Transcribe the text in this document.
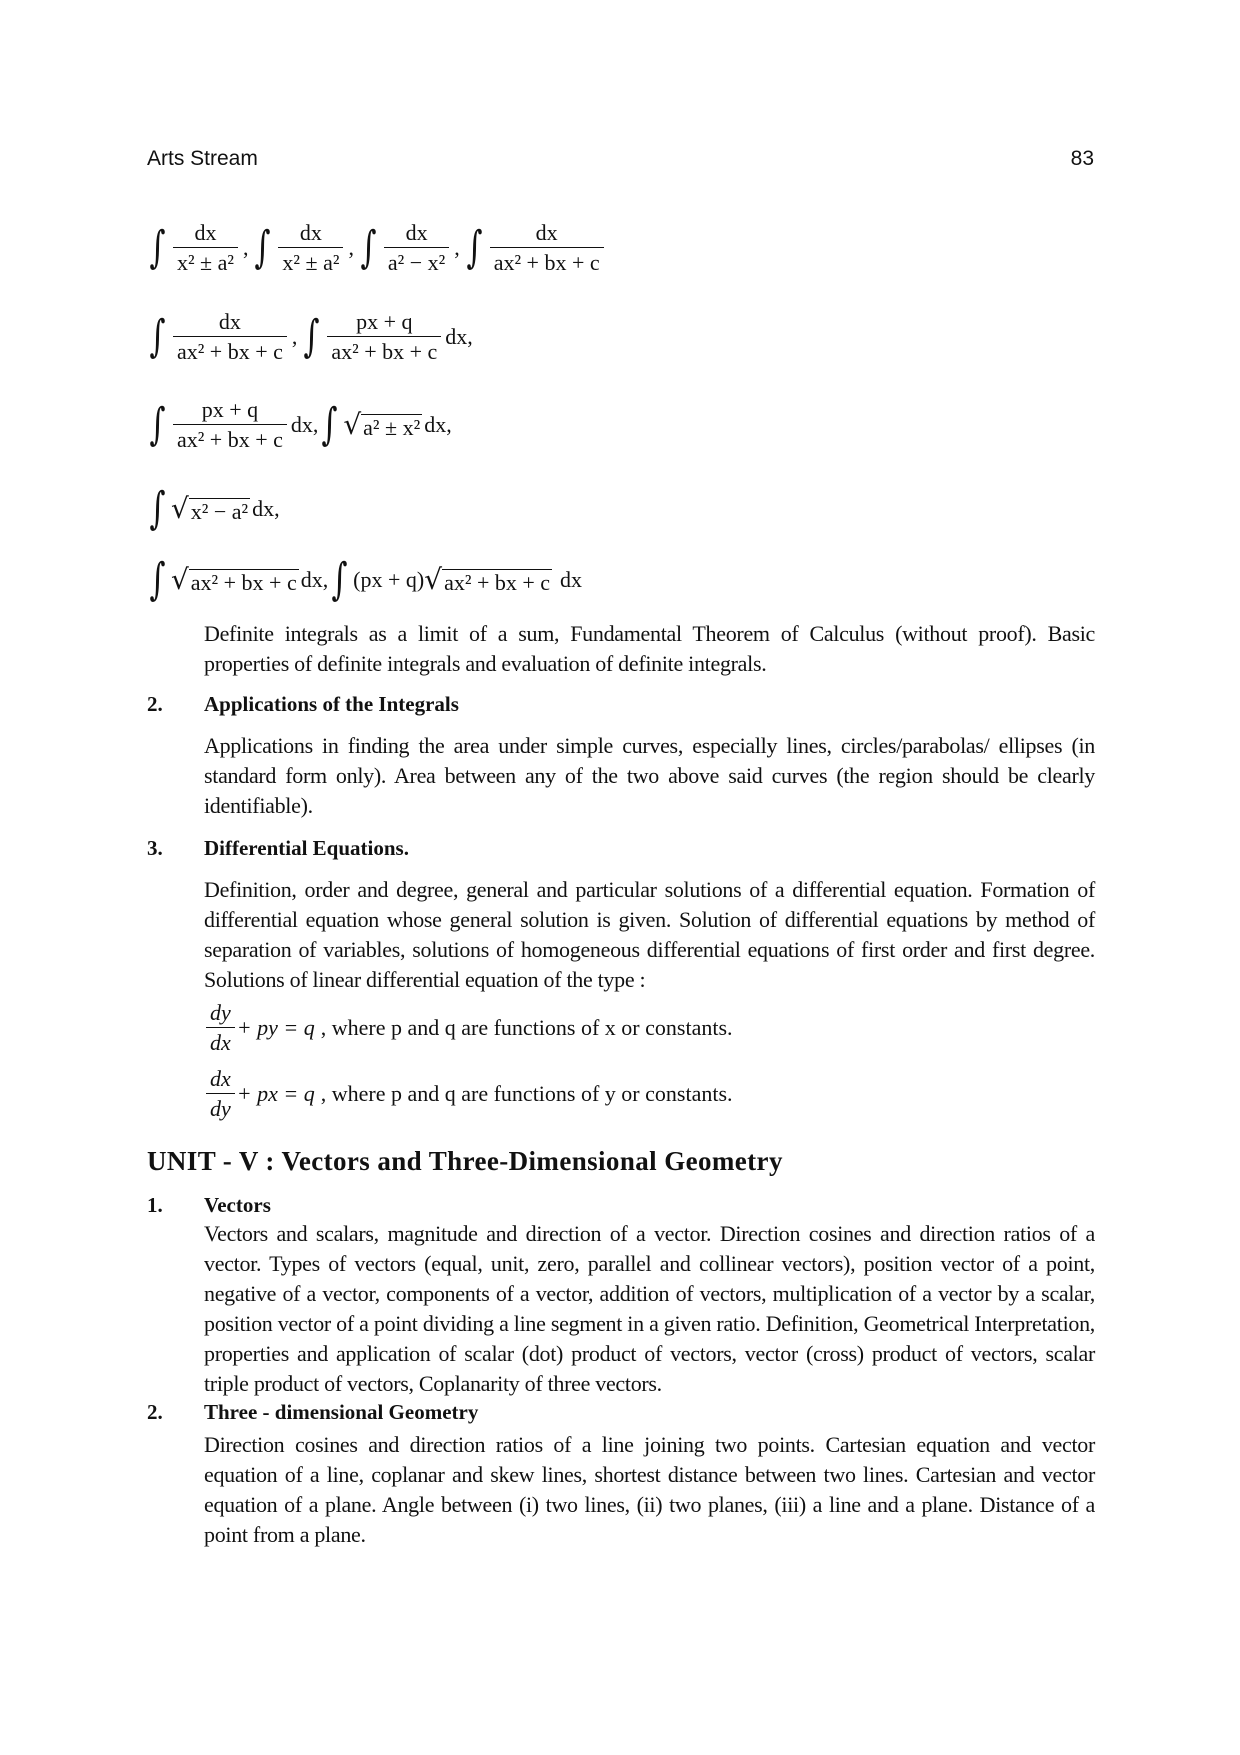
Arts Stream	83
∫ $\frac{dx}{\text{x² ± a²}}$ , ∫ $\frac{dx}{\text{x² ± a²}}$ , ∫ $\frac{dx}{\text{a² − x²}}$ , ∫ $\frac{dx}{\text{ax² + bx + c}}$
∫ $\frac{dx}{\text{ax² + bx + c}}$ , ∫ $\frac{px + q}{\text{ax² + bx + c}}$ dx,
∫ $\frac{px + q}{\text{ax² + bx + c}}$ dx, ∫ √ a² ± x² dx,
∫ √ x² − a² dx,
∫ √ ax² + bx + c dx, ∫ (px + q) √ ax² + bx + c dx
Definite integrals as a limit of a sum, Fundamental Theorem of Calculus (without proof). Basic properties of definite integrals and evaluation of definite integrals.
2. Applications of the Integrals
Applications in finding the area under simple curves, especially lines, circles/parabolas/ ellipses (in standard form only). Area between any of the two above said curves (the region should be clearly identifiable).
3. Differential Equations.
Definition, order and degree, general and particular solutions of a differential equation. Formation of differential equation whose general solution is given. Solution of differential equations by method of separation of variables, solutions of homogeneous differential equations of first order and first degree. Solutions of linear differential equation of the type :
$\frac{dy}{dx}$ + py = q , where p and q are functions of x or constants.
$\frac{dx}{dy}$ + px = q , where p and q are functions of y or constants.
UNIT - V : Vectors and Three-Dimensional Geometry
1. Vectors
Vectors and scalars, magnitude and direction of a vector. Direction cosines and direction ratios of a vector. Types of vectors (equal, unit, zero, parallel and collinear vectors), position vector of a point, negative of a vector, components of a vector, addition of vectors, multiplication of a vector by a scalar, position vector of a point dividing a line segment in a given ratio. Definition, Geometrical Interpretation, properties and application of scalar (dot) product of vectors, vector (cross) product of vectors, scalar triple product of vectors, Coplanarity of three vectors.
2. Three - dimensional Geometry
Direction cosines and direction ratios of a line joining two points. Cartesian equation and vector equation of a line, coplanar and skew lines, shortest distance between two lines. Cartesian and vector equation of a plane. Angle between (i) two lines, (ii) two planes, (iii) a line and a plane. Distance of a point from a plane.
